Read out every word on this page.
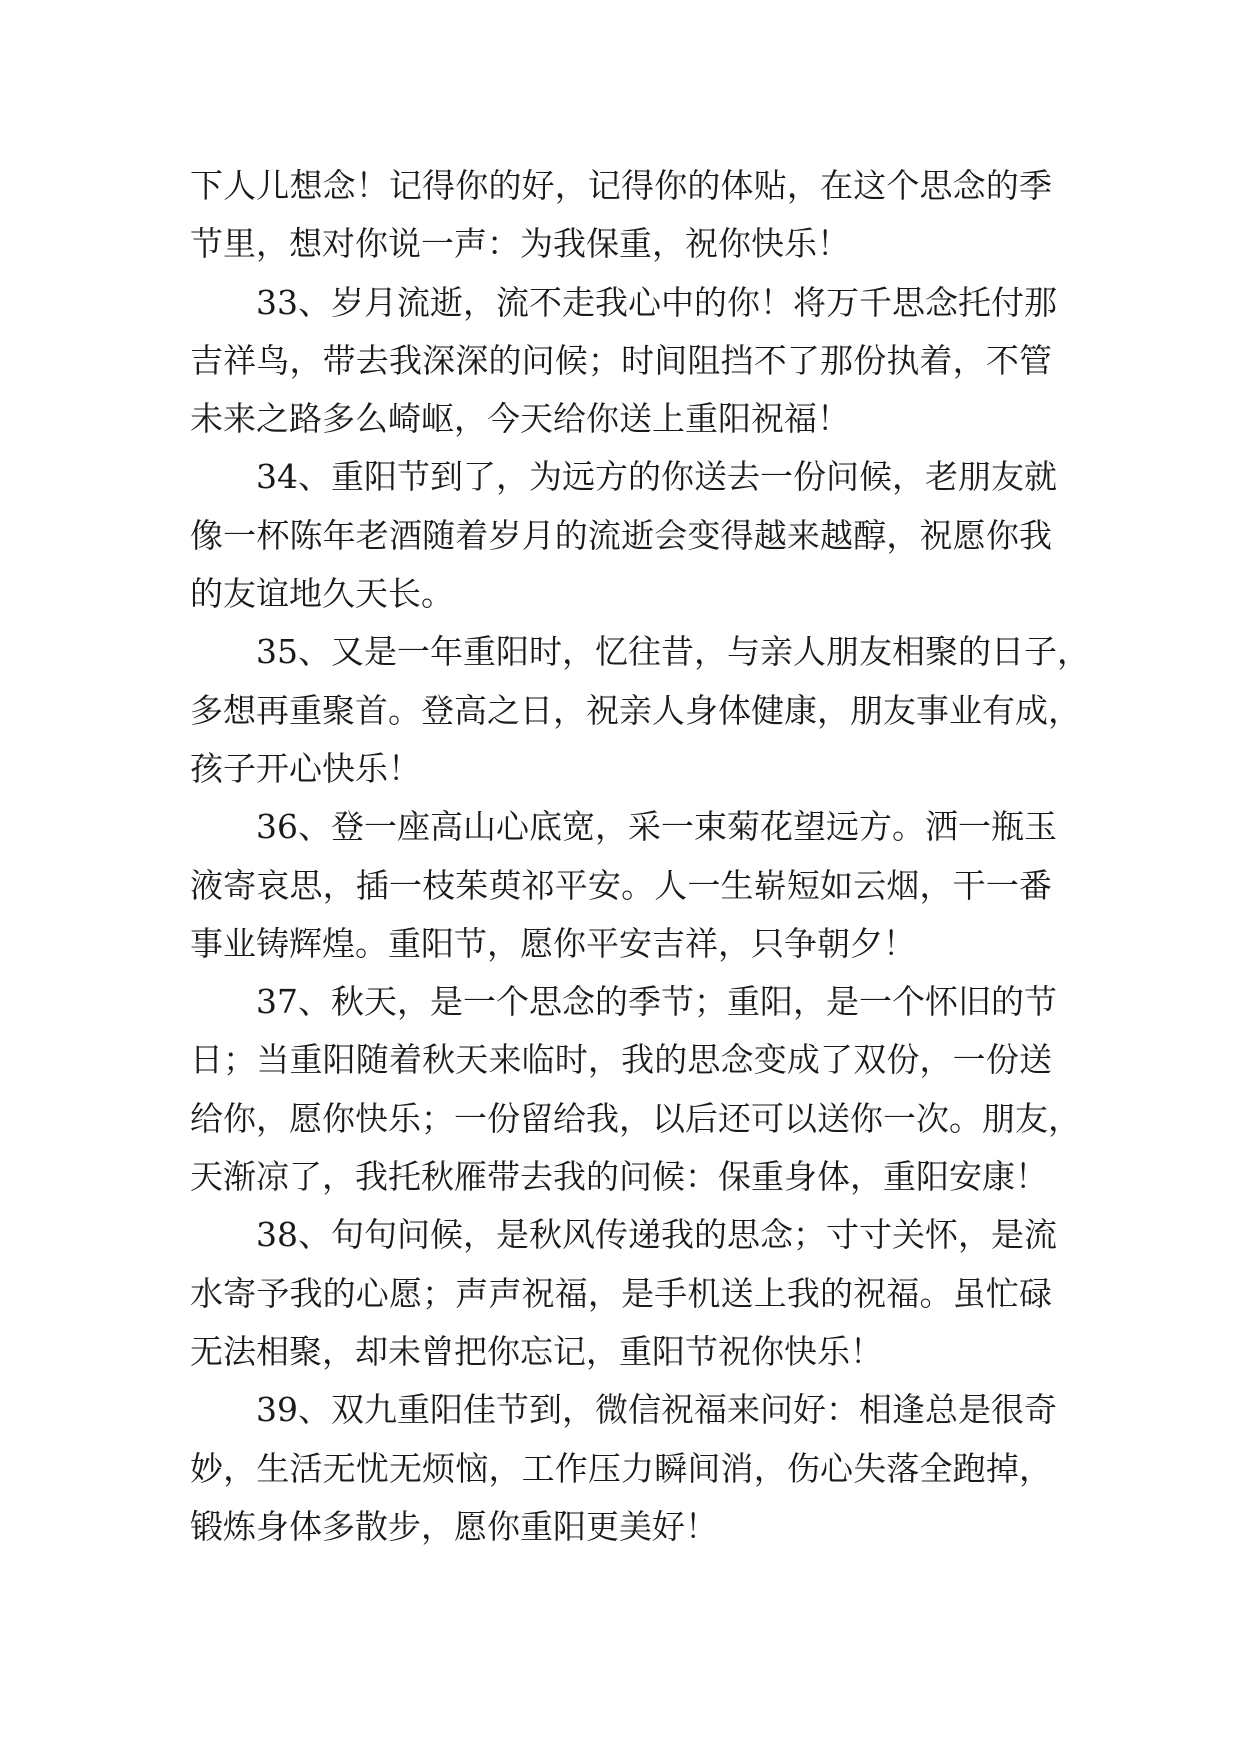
下人儿想念！记得你的好，记得你的体贴，在这个思念的季
节里，想对你说一声：为我保重，祝你快乐！
33、岁月流逝，流不走我心中的你！将万千思念托付那
吉祥鸟，带去我深深的问候；时间阻挡不了那份执着，不管
未来之路多么崎岖，今天给你送上重阳祝福！
34、重阳节到了，为远方的你送去一份问候，老朋友就
像一杯陈年老酒随着岁月的流逝会变得越来越醇，祝愿你我
的友谊地久天长。
35、又是一年重阳时，忆往昔，与亲人朋友相聚的日子，
多想再重聚首。登高之日，祝亲人身体健康，朋友事业有成，
孩子开心快乐！
36、登一座高山心底宽，采一束菊花望远方。洒一瓶玉
液寄哀思，插一枝茱萸祁平安。人一生崭短如云烟，干一番
事业铸辉煌。重阳节，愿你平安吉祥，只争朝夕！
37、秋天，是一个思念的季节；重阳，是一个怀旧的节
日；当重阳随着秋天来临时，我的思念变成了双份，一份送
给你，愿你快乐；一份留给我，以后还可以送你一次。朋友，
天渐凉了，我托秋雁带去我的问候：保重身体，重阳安康！
38、句句问候，是秋风传递我的思念；寸寸关怀，是流
水寄予我的心愿；声声祝福，是手机送上我的祝福。虽忙碌
无法相聚，却未曾把你忘记，重阳节祝你快乐！
39、双九重阳佳节到，微信祝福来问好：相逢总是很奇
妙，生活无忧无烦恼，工作压力瞬间消，伤心失落全跑掉，
锻炼身体多散步，愿你重阳更美好！
